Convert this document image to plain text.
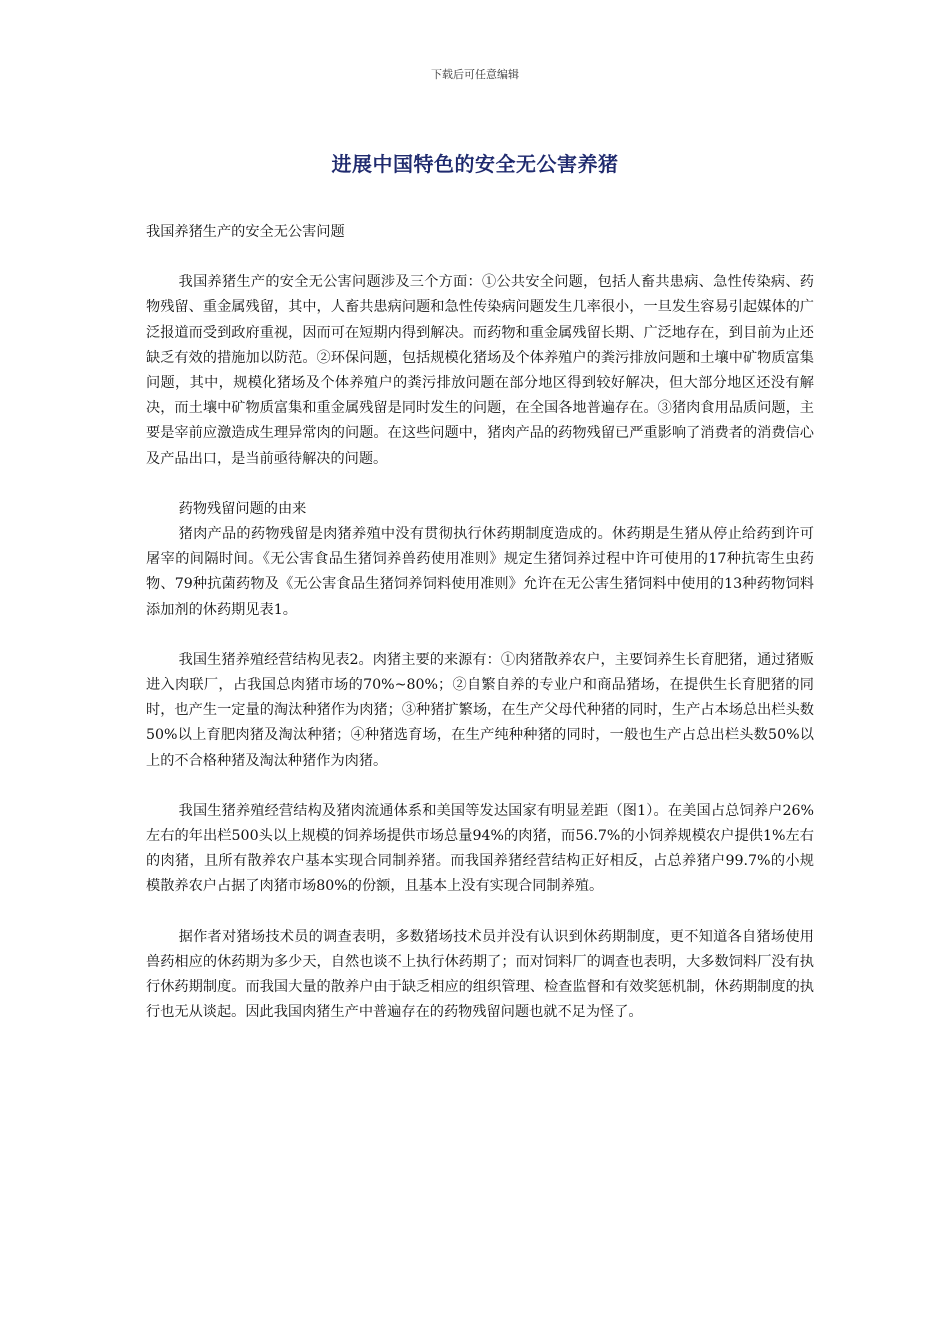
下载后可任意编辑
进展中国特色的安全无公害养猪

我国养猪生产的安全无公害问题

我国养猪生产的安全无公害问题涉及三个方面：①公共安全问题，包括人畜共患病、急性传染病、药物残留、重金属残留，其中，人畜共患病问题和急性传染病问题发生几率很小，一旦发生容易引起媒体的广泛报道而受到政府重视，因而可在短期内得到解决。而药物和重金属残留长期、广泛地存在，到目前为止还缺乏有效的措施加以防范。②环保问题，包括规模化猪场及个体养殖户的粪污排放问题和土壤中矿物质富集问题，其中，规模化猪场及个体养殖户的粪污排放问题在部分地区得到较好解决，但大部分地区还没有解决，而土壤中矿物质富集和重金属残留是同时发生的问题，在全国各地普遍存在。③猪肉食用品质问题，主要是宰前应激造成生理异常肉的问题。在这些问题中，猪肉产品的药物残留已严重影响了消费者的消费信心及产品出口，是当前亟待解决的问题。

药物残留问题的由来

猪肉产品的药物残留是肉猪养殖中没有贯彻执行休药期制度造成的。休药期是生猪从停止给药到许可屠宰的间隔时间。《无公害食品生猪饲养兽药使用准则》规定生猪饲养过程中许可使用的17种抗寄生虫药物、79种抗菌药物及《无公害食品生猪饲养饲料使用准则》允许在无公害生猪饲料中使用的13种药物饲料添加剂的休药期见表1。

我国生猪养殖经营结构见表2。肉猪主要的来源有：①肉猪散养农户，主要饲养生长育肥猪，通过猪贩进入肉联厂，占我国总肉猪市场的70%~80%；②自繁自养的专业户和商品猪场，在提供生长育肥猪的同时，也产生一定量的淘汰种猪作为肉猪；③种猪扩繁场，在生产父母代种猪的同时，生产占本场总出栏头数50%以上育肥肉猪及淘汰种猪；④种猪选育场，在生产纯种种猪的同时，一般也生产占总出栏头数50%以上的不合格种猪及淘汰种猪作为肉猪。

我国生猪养殖经营结构及猪肉流通体系和美国等发达国家有明显差距（图1）。在美国占总饲养户26%左右的年出栏500头以上规模的饲养场提供市场总量94%的肉猪，而56.7%的小饲养规模农户提供1%左右的肉猪，且所有散养农户基本实现合同制养猪。而我国养猪经营结构正好相反，占总养猪户99.7%的小规模散养农户占据了肉猪市场80%的份额，且基本上没有实现合同制养殖。

据作者对猪场技术员的调查表明，多数猪场技术员并没有认识到休药期制度，更不知道各自猪场使用兽药相应的休药期为多少天，自然也谈不上执行休药期了；而对饲料厂的调查也表明，大多数饲料厂没有执行休药期制度。而我国大量的散养户由于缺乏相应的组织管理、检查监督和有效奖惩机制，休药期制度的执行也无从谈起。因此我国肉猪生产中普遍存在的药物残留问题也就不足为怪了。
